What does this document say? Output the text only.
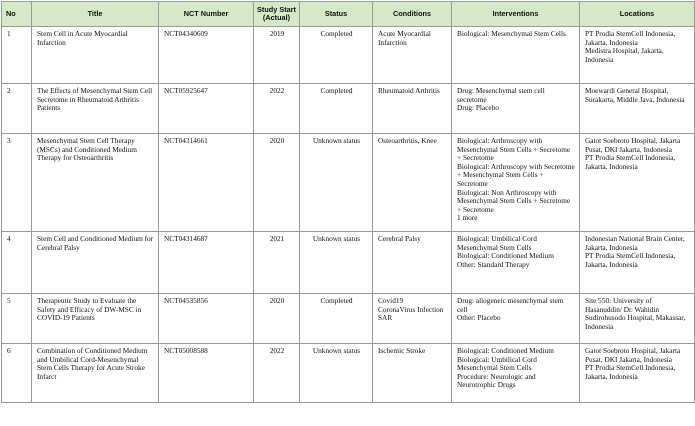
No	Title	NCT Number	Study Start (Actual)	Status	Conditions	Interventions	Locations
1	Stem Cell in Acute Myocardial Infarction	NCT04340609	2019	Completed	Acute Myocardial Infarction	Biological: Mesenchymal Stem Cells	PT Prodia StemCell Indonesia, Jakarta, Indonesia
Medistra Hospital, Jakarta, Indonesia

2	The Effects of Mesenchymal Stem Cell Secretome in Rheumatoid Arthritis Patients	NCT05925647	2022	Completed	Rheumatoid Arthritis	Drug: Mesenchymal stem cell secretome
Drug: Placebo	Moewardi General Hospital, Surakarta, Middle Java, Indonesia

3	Mesenchymal Stem Cell Therapy (MSCs) and Conditioned Medium Therapy for Osteoarthritis	NCT04314661	2020	Unknown status	Osteoarthritis, Knee	Biological: Arthroscopy with Mesenchymal Stem Cells + Secretome + Secretome
Biological: Arthroscopy with Secretome + Mesenchymal Stem Cells + Secretome
Biological: Non Arthroscopy with Mesenchymal Stem Cells + Secretome + Secretome
1 more	Gatot Soebroto Hospital, Jakarta Pusat, DKI Jakarta, Indonesia
PT Prodia StemCell Indonesia, Jakarta, Indonesia

4	Stem Cell and Conditioned Medium for Cerebral Palsy	NCT04314687	2021	Unknown status	Cerebral Palsy	Biological: Umbilical Cord Mesenchymal Stem Cells
Biological: Conditioned Medium
Other: Standard Therapy	Indonesian National Brain Center, Jakarta, Indonesia
PT Prodia StemCell Indonesia, Jakarta, Indonesia

5	Therapeutic Study to Evaluate the Safety and Efficacy of DW-MSC in COVID-19 Patients	NCT04535856	2020	Completed	Covid19
CoronaVirus Infection
SAR	Drug: allogeneic mesenchymal stem cell
Other: Placebo	Site 550: University of Hasanuddin/ Dr. Wahidin Sudirohusodo Hospital, Makassar, Indonesia

6	Combination of Conditioned Medium and Umbilical Cord-Mesenchymal Stem Cells Therapy for Acute Stroke Infarct	NCT05008588	2022	Unknown status	Ischemic Stroke	Biological: Conditioned Medium
Biological: Umbilical Cord Mesenchymal Stem Cells
Procedure: Neurologic and Neurotrophic Drugs	Gatot Soebroto Hospital, Jakarta Pusat, DKI Jakarta, Indonesia
PT Prodia StemCell Indonesia, Jakarta, Indonesia
